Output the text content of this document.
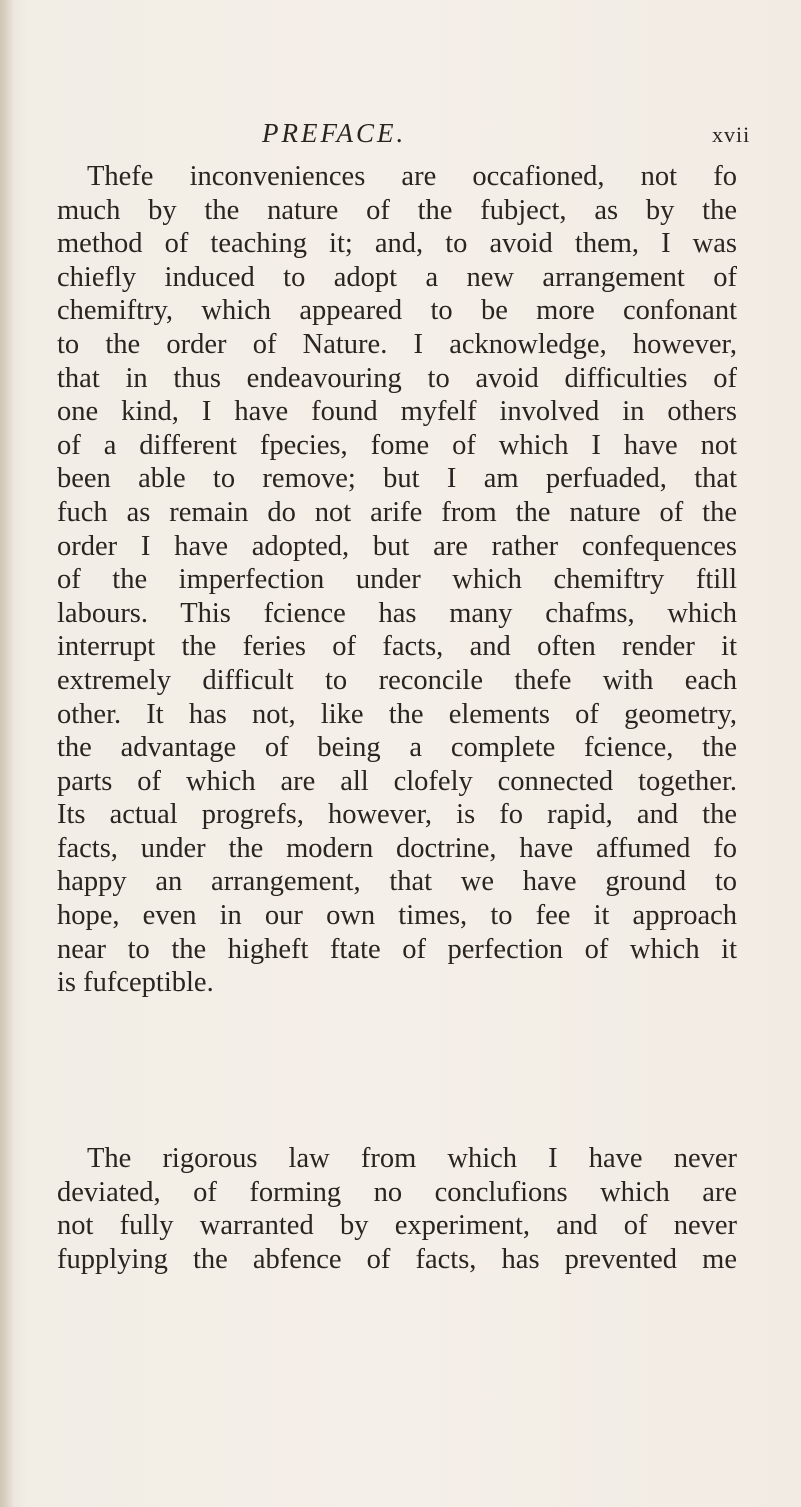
PREFACE.	xvii
Thefe inconveniences are occafioned, not fo
much by the nature of the fubject, as by the
method of teaching it; and, to avoid them, I was
chiefly induced to adopt a new arrangement of
chemiftry, which appeared to be more confonant
to the order of Nature. I acknowledge, however,
that in thus endeavouring to avoid difficulties of
one kind, I have found myfelf involved in others
of a different fpecies, fome of which I have not
been able to remove; but I am perfuaded, that
fuch as remain do not arife from the nature of the
order I have adopted, but are rather confequences
of the imperfection under which chemiftry ftill
labours. This fcience has many chafms, which
interrupt the feries of facts, and often render it
extremely difficult to reconcile thefe with each
other. It has not, like the elements of geometry,
the advantage of being a complete fcience, the
parts of which are all clofely connected together.
Its actual progrefs, however, is fo rapid, and the
facts, under the modern doctrine, have affumed fo
happy an arrangement, that we have ground to
hope, even in our own times, to fee it approach
near to the higheft ftate of perfection of which it
is fufceptible.
The rigorous law from which I have never
deviated, of forming no conclufions which are
not fully warranted by experiment, and of never
fupplying the abfence of facts, has prevented me
